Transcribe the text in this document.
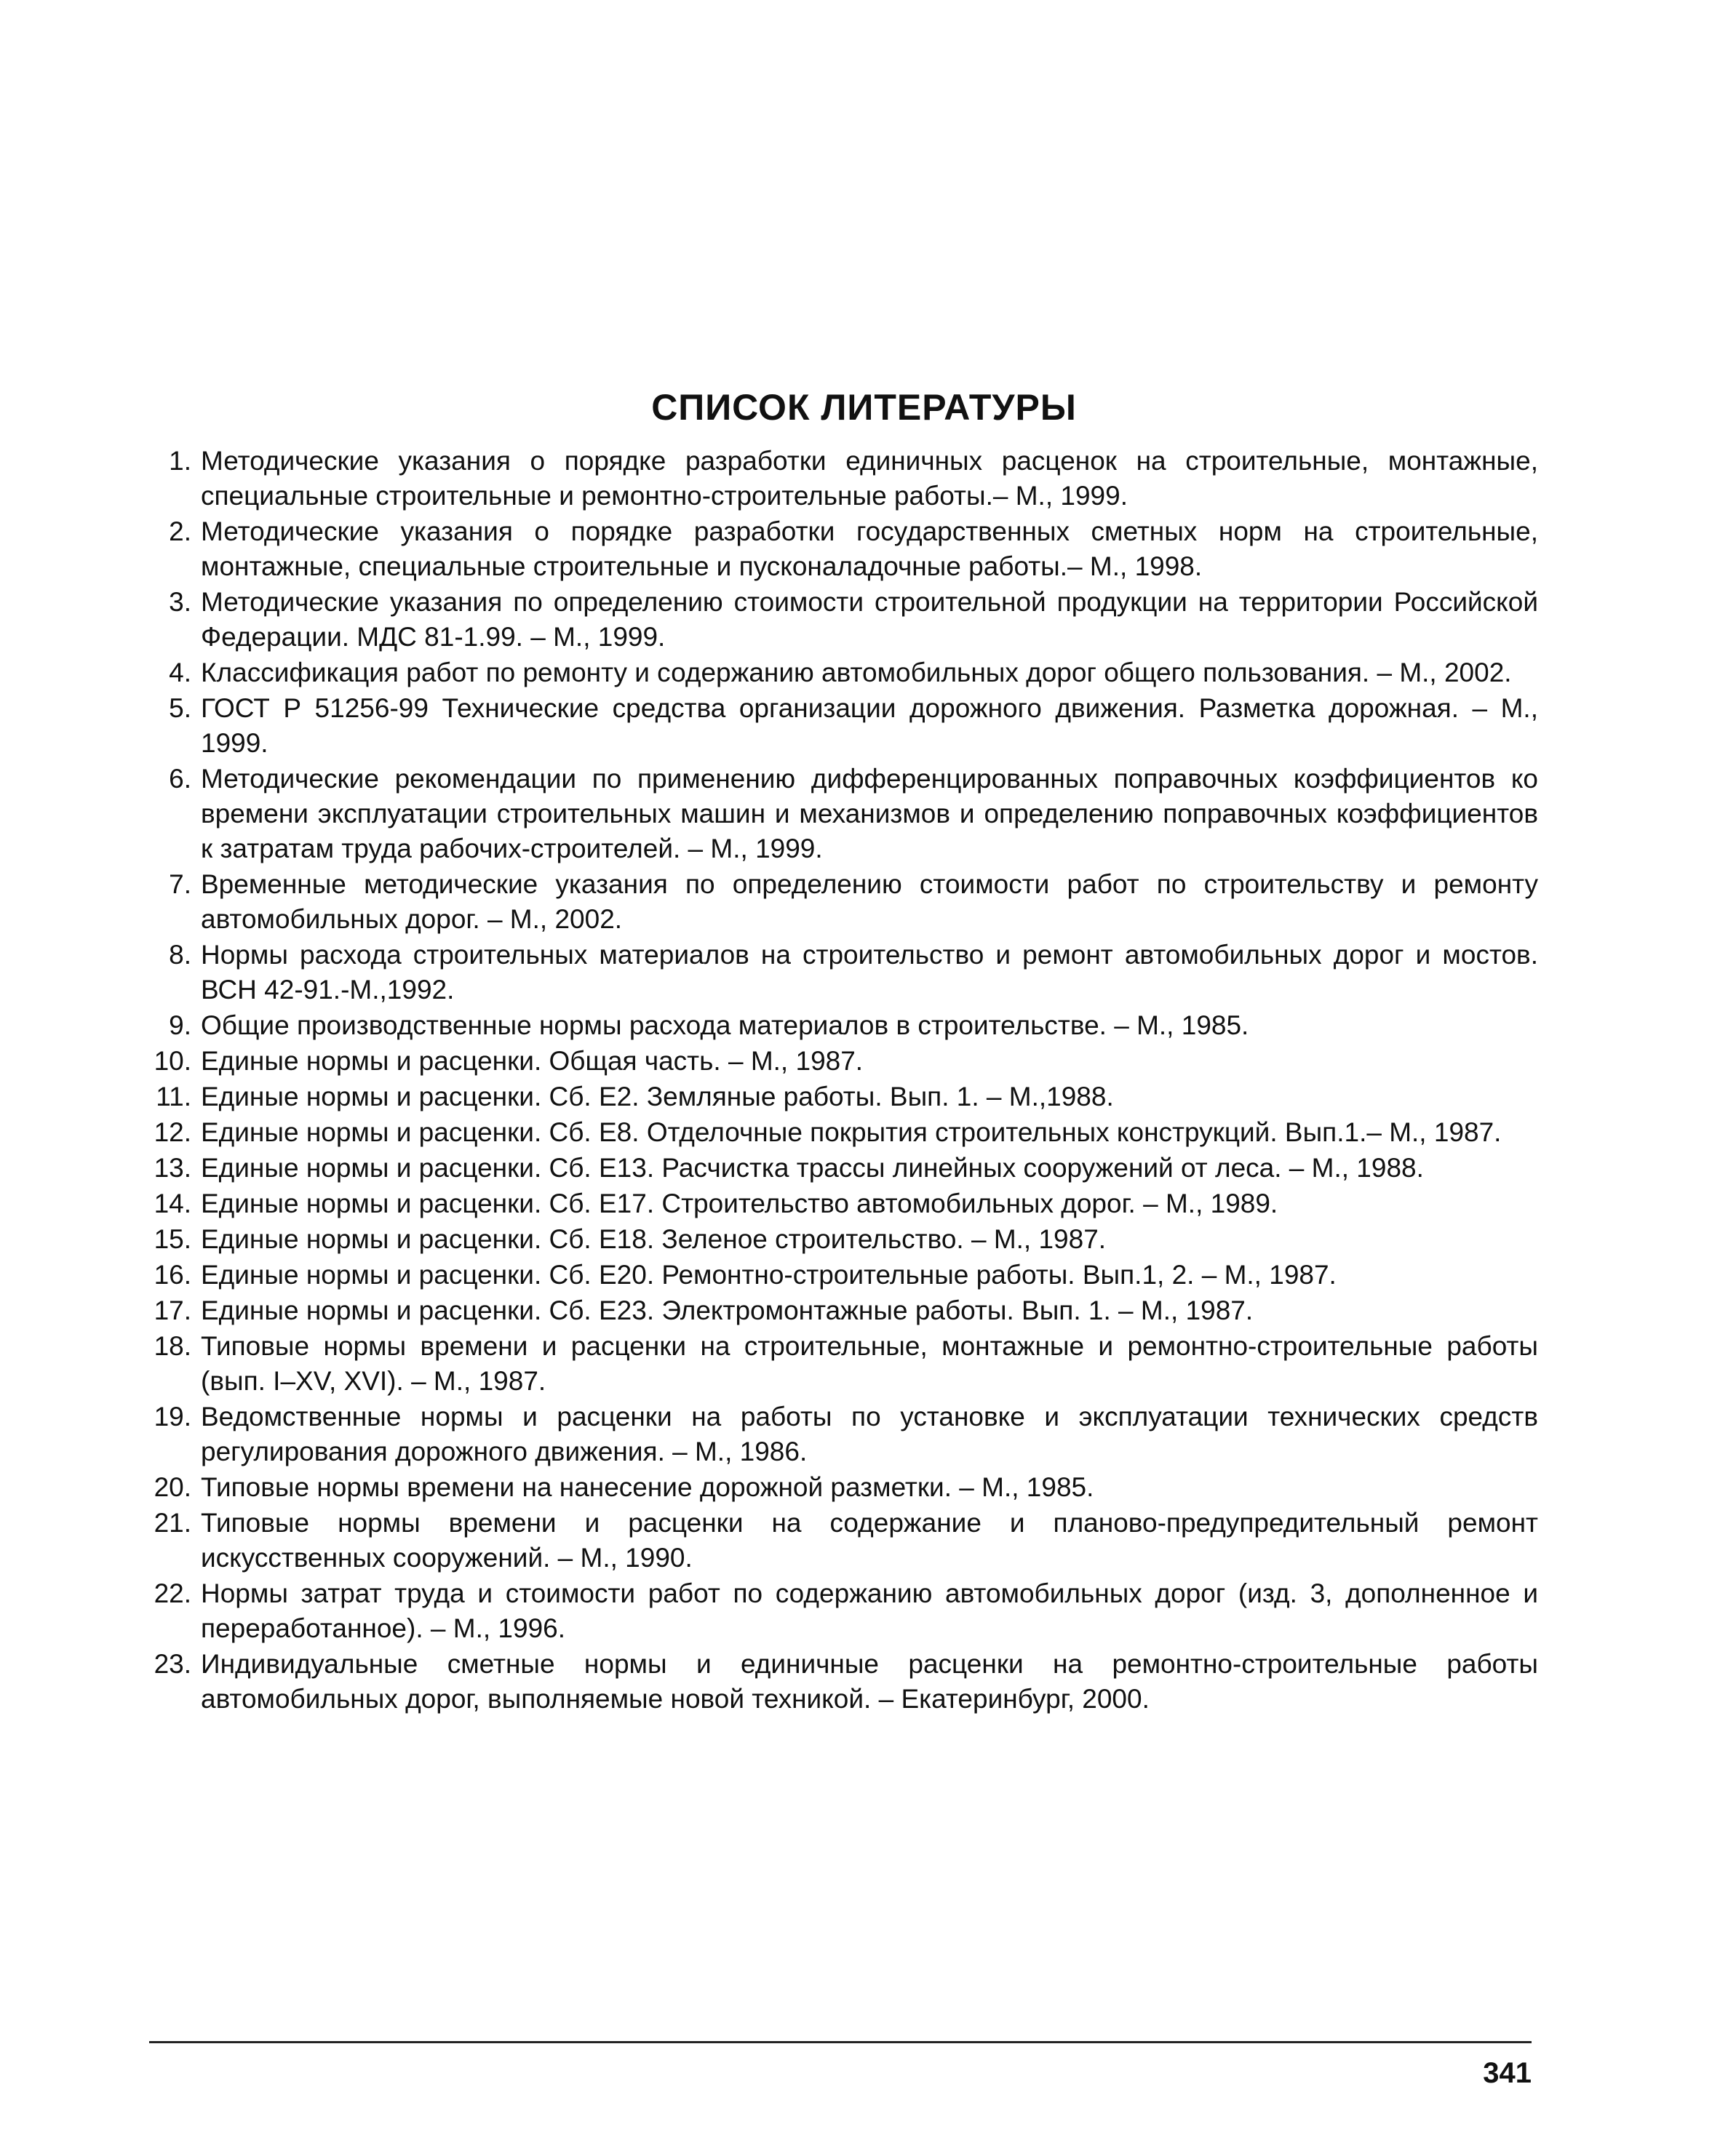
СПИСОК ЛИТЕРАТУРЫ
1. Методические указания о порядке разработки единичных расценок на строительные, монтажные, специальные строительные и ремонтно-строительные работы.– М., 1999.
2. Методические указания о порядке разработки государственных сметных норм на строительные, монтажные, специальные строительные и пусконаладочные работы.– М., 1998.
3. Методические указания по определению стоимости строительной продукции на территории Российской Федерации. МДС 81-1.99. – М., 1999.
4. Классификация работ по ремонту и содержанию автомобильных дорог общего пользования. – М., 2002.
5. ГОСТ Р 51256-99 Технические средства организации дорожного движения. Разметка дорожная. – М., 1999.
6. Методические рекомендации по применению дифференцированных поправочных коэффициентов ко времени эксплуатации строительных машин и механизмов и определению поправочных коэффициентов к затратам труда рабочих-строителей. – М., 1999.
7. Временные методические указания по определению стоимости работ по строительству и ремонту автомобильных дорог. – М., 2002.
8. Нормы расхода строительных материалов на строительство и ремонт автомобильных дорог и мостов. ВСН 42-91.-М.,1992.
9. Общие производственные нормы расхода материалов в строительстве. – М., 1985.
10. Единые нормы и расценки. Общая часть. – М., 1987.
11. Единые нормы и расценки. Сб. Е2. Земляные работы. Вып. 1. – М.,1988.
12. Единые нормы и расценки. Сб. Е8. Отделочные покрытия строительных конструкций. Вып.1.– М., 1987.
13. Единые нормы и расценки. Сб. Е13. Расчистка трассы линейных сооружений от леса. – М., 1988.
14. Единые нормы и расценки. Сб. Е17. Строительство автомобильных дорог. – М., 1989.
15. Единые нормы и расценки. Сб. Е18. Зеленое строительство. – М., 1987.
16. Единые нормы и расценки. Сб. Е20. Ремонтно-строительные работы. Вып.1, 2. – М., 1987.
17. Единые нормы и расценки. Сб. Е23. Электромонтажные работы. Вып. 1. – М., 1987.
18. Типовые нормы времени и расценки на строительные, монтажные и ремонтно-строительные работы (вып. I–XV, XVI). – М., 1987.
19. Ведомственные нормы и расценки на работы по установке и эксплуатации технических средств регулирования дорожного движения. – М., 1986.
20. Типовые нормы времени на нанесение дорожной разметки. – М., 1985.
21. Типовые нормы времени и расценки на содержание и планово-предупредительный ремонт искусственных сооружений. – М., 1990.
22. Нормы затрат труда и стоимости работ по содержанию автомобильных дорог (изд. 3, дополненное и переработанное). – М., 1996.
23. Индивидуальные сметные нормы и единичные расценки на ремонтно-строительные работы автомобильных дорог, выполняемые новой техникой. – Екатеринбург, 2000.
341
